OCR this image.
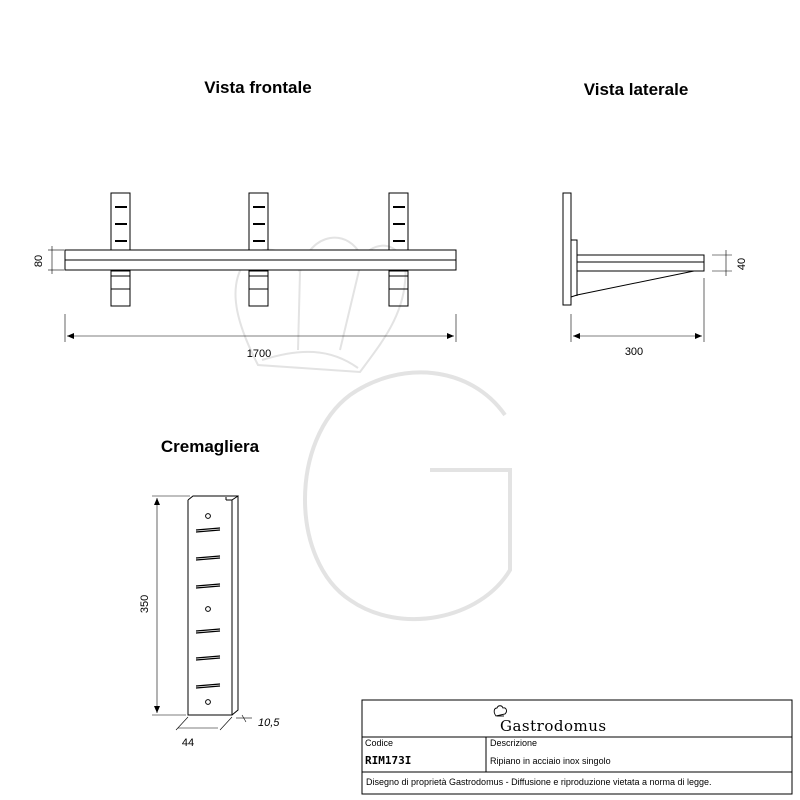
Vista frontale	Vista laterale
Cremagliera
80
1700
40
300
350
44
10,5	Gastrodomus
Codice
RIM173I
Descrizione
Ripiano in acciaio inox singolo
Disegno di proprietà Gastrodomus - Diffusione e riproduzione vietata a norma di legge.
